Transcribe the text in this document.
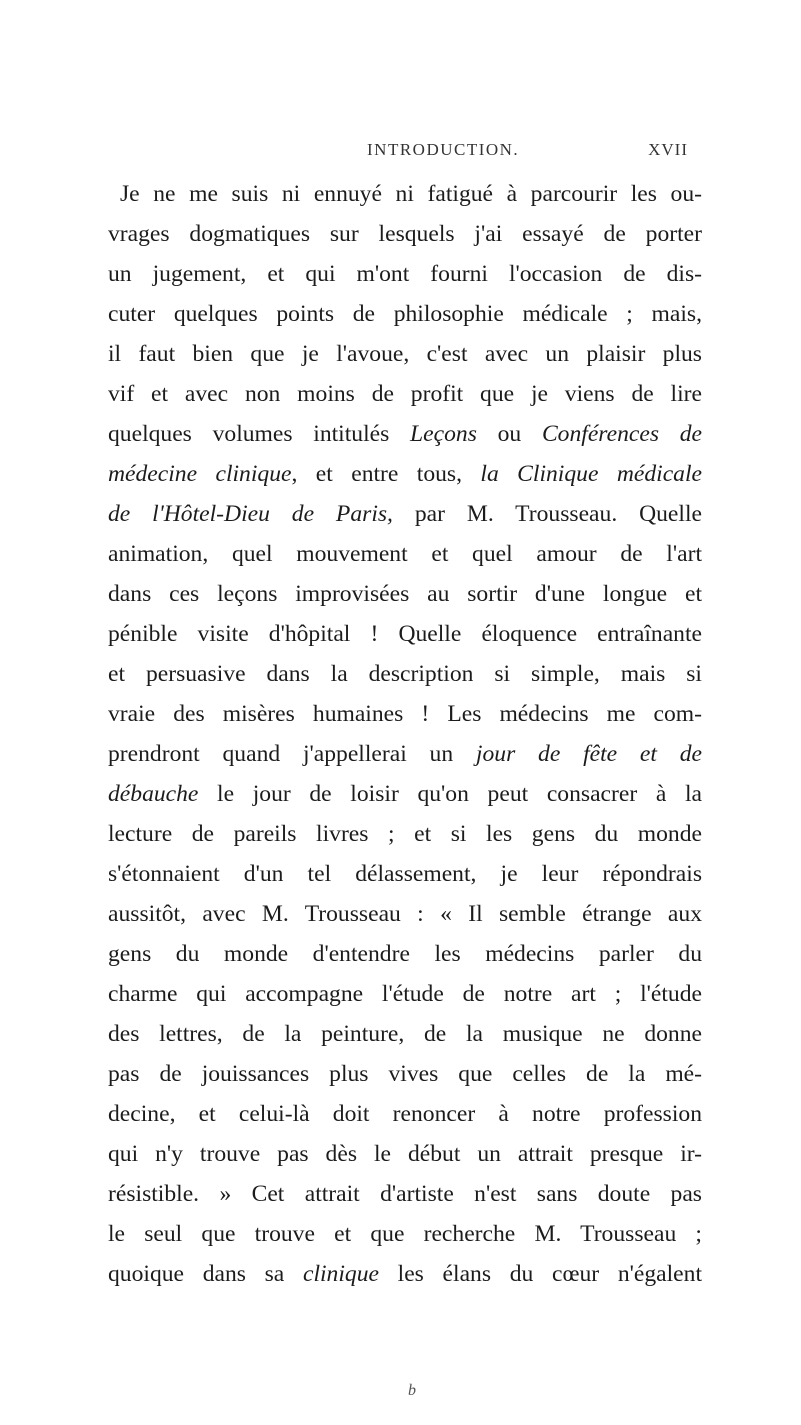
INTRODUCTION.	XVII
Je ne me suis ni ennuyé ni fatigué à parcourir les ou-
vrages dogmatiques sur lesquels j'ai essayé de porter
un jugement, et qui m'ont fourni l'occasion de dis-
cuter quelques points de philosophie médicale ; mais,
il faut bien que je l'avoue, c'est avec un plaisir plus
vif et avec non moins de profit que je viens de lire
quelques volumes intitulés Leçons ou Conférences de
médecine clinique, et entre tous, la Clinique médicale
de l'Hôtel-Dieu de Paris, par M. Trousseau. Quelle
animation, quel mouvement et quel amour de l'art
dans ces leçons improvisées au sortir d'une longue et
pénible visite d'hôpital ! Quelle éloquence entraînante
et persuasive dans la description si simple, mais si
vraie des misères humaines ! Les médecins me com-
prendront quand j'appellerai un jour de fête et de
débauche le jour de loisir qu'on peut consacrer à la
lecture de pareils livres ; et si les gens du monde
s'étonnaient d'un tel délassement, je leur répondrais
aussitôt, avec M. Trousseau : « Il semble étrange aux
gens du monde d'entendre les médecins parler du
charme qui accompagne l'étude de notre art ; l'étude
des lettres, de la peinture, de la musique ne donne
pas de jouissances plus vives que celles de la mé-
decine, et celui-là doit renoncer à notre profession
qui n'y trouve pas dès le début un attrait presque ir-
résistible. » Cet attrait d'artiste n'est sans doute pas
le seul que trouve et que recherche M. Trousseau ;
quoique dans sa clinique les élans du cœur n'égalent
b
